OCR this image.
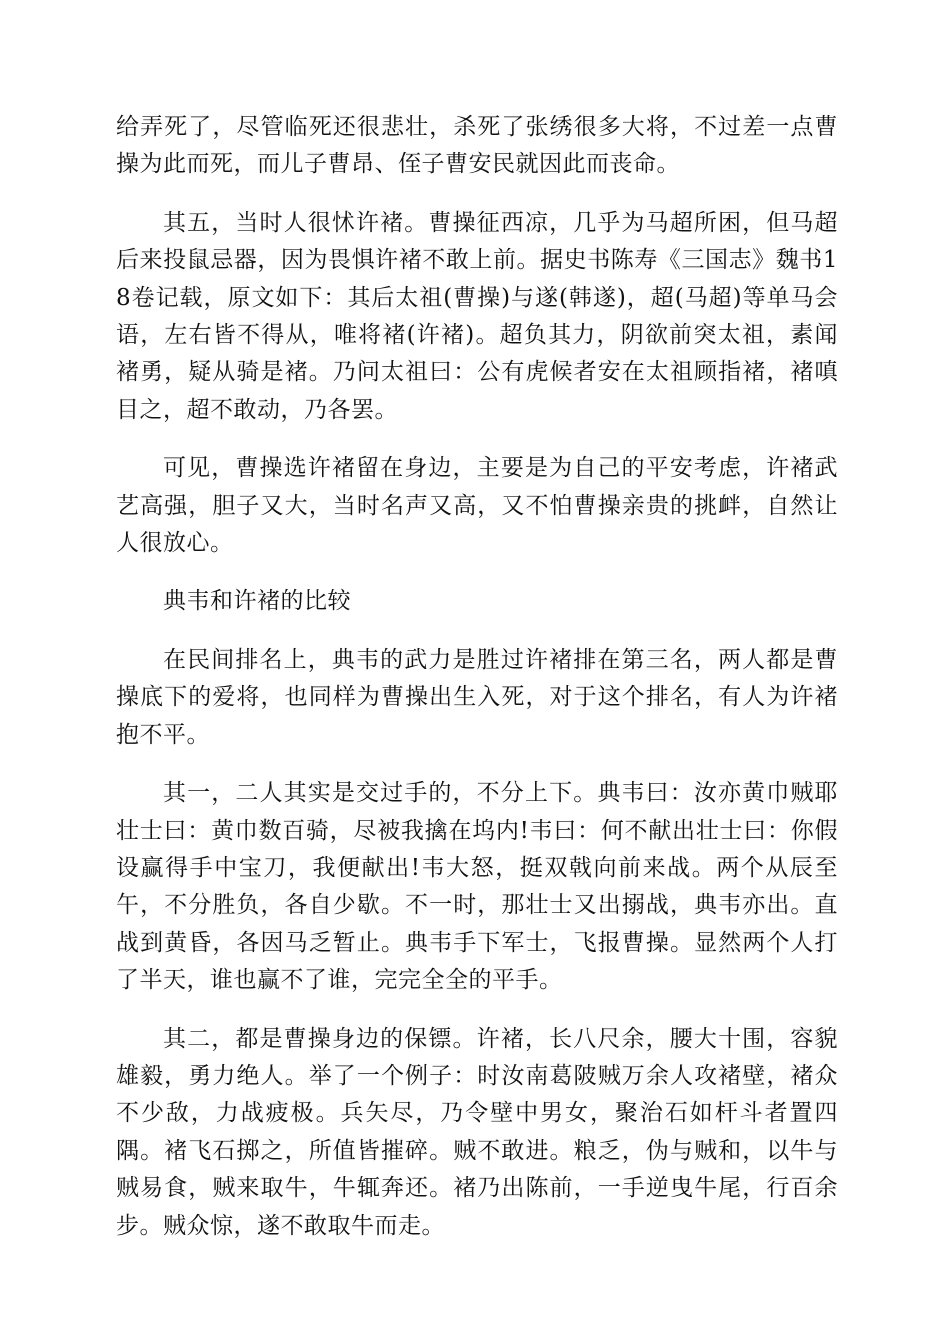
给弄死了，尽管临死还很悲壮，杀死了张绣很多大将，不过差一点曹操为此而死，而儿子曹昂、侄子曹安民就因此而丧命。

其五，当时人很怵许褚。曹操征西凉，几乎为马超所困，但马超后来投鼠忌器，因为畏惧许褚不敢上前。据史书陈寿《三国志》魏书18卷记载，原文如下：其后太祖(曹操)与遂(韩遂)，超(马超)等单马会语，左右皆不得从，唯将褚(许褚)。超负其力，阴欲前突太祖，素闻褚勇，疑从骑是褚。乃问太祖曰：公有虎候者安在太祖顾指褚，褚嗔目之，超不敢动，乃各罢。

可见，曹操选许褚留在身边，主要是为自己的平安考虑，许褚武艺高强，胆子又大，当时名声又高，又不怕曹操亲贵的挑衅，自然让人很放心。

典韦和许褚的比较

在民间排名上，典韦的武力是胜过许褚排在第三名，两人都是曹操底下的爱将，也同样为曹操出生入死，对于这个排名，有人为许褚抱不平。

其一，二人其实是交过手的，不分上下。典韦曰：汝亦黄巾贼耶壮士曰：黄巾数百骑，尽被我擒在坞内!韦曰：何不献出壮士曰：你假设赢得手中宝刀，我便献出!韦大怒，挺双戟向前来战。两个从辰至午，不分胜负，各自少歇。不一时，那壮士又出搦战，典韦亦出。直战到黄昏，各因马乏暂止。典韦手下军士，飞报曹操。显然两个人打了半天，谁也赢不了谁，完完全全的平手。

其二，都是曹操身边的保镖。许褚，长八尺余，腰大十围，容貌雄毅，勇力绝人。举了一个例子：时汝南葛陂贼万余人攻褚壁，褚众不少敌，力战疲极。兵矢尽，乃令壁中男女，聚治石如杆斗者置四隅。褚飞石掷之，所值皆摧碎。贼不敢进。粮乏，伪与贼和，以牛与贼易食，贼来取牛，牛辄奔还。褚乃出陈前，一手逆曳牛尾，行百余步。贼众惊，遂不敢取牛而走。
